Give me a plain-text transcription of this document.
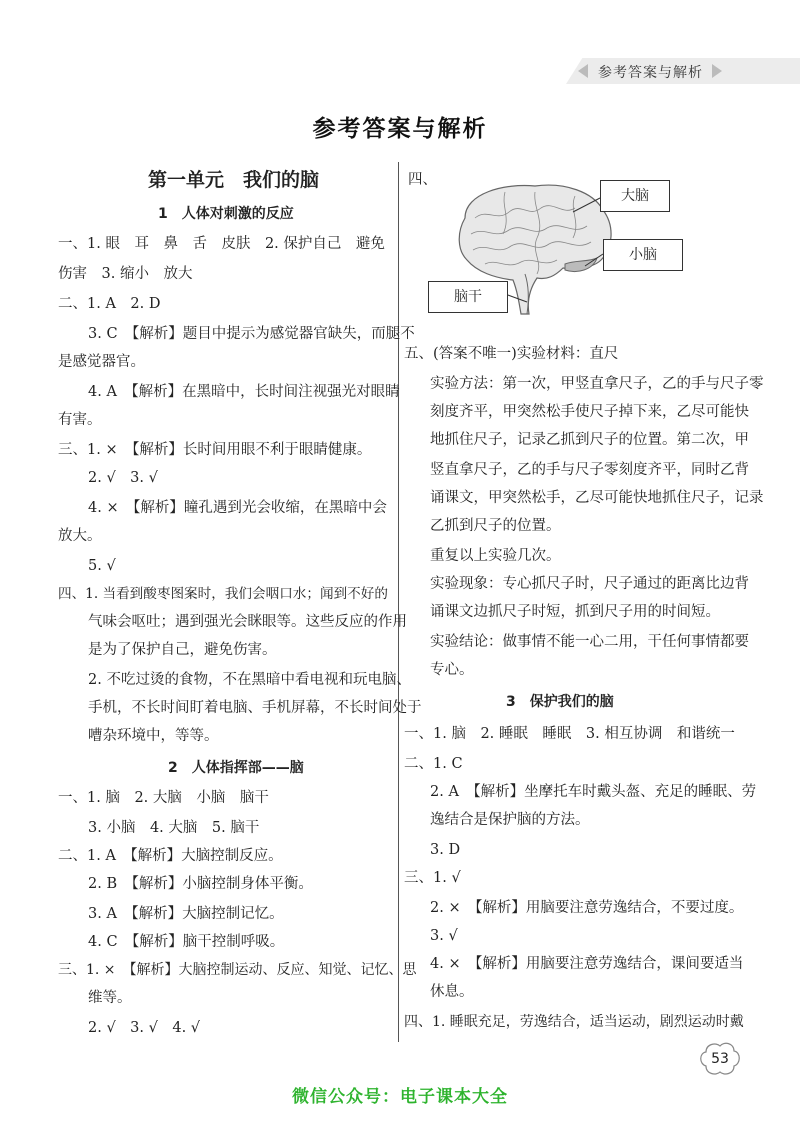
参考答案与解析
参考答案与解析
第一单元　我们的脑
1　人体对刺激的反应
一、1. 眼　耳　鼻　舌　皮肤　2. 保护自己　避免
伤害　3. 缩小　放大
二、1. A　2. D
3. C　【解析】题目中提示为感觉器官缺失，而腿不
是感觉器官。
4. A　【解析】在黑暗中，长时间注视强光对眼睛
有害。
三、1. ×　【解析】长时间用眼不利于眼睛健康。
2. √　3. √
4. ×　【解析】瞳孔遇到光会收缩，在黑暗中会
放大。
5. √
四、1. 当看到酸枣图案时，我们会咽口水；闻到不好的
气味会呕吐；遇到强光会眯眼等。这些反应的作用
是为了保护自己，避免伤害。
2. 不吃过烫的食物，不在黑暗中看电视和玩电脑、
手机，不长时间盯着电脑、手机屏幕，不长时间处于
嘈杂环境中，等等。
2　人体指挥部——脑
一、1. 脑　2. 大脑　小脑　脑干
3. 小脑　4. 大脑　5. 脑干
二、1. A　【解析】大脑控制反应。
2. B　【解析】小脑控制身体平衡。
3. A　【解析】大脑控制记忆。
4. C　【解析】脑干控制呼吸。
三、1. ×　【解析】大脑控制运动、反应、知觉、记忆、思
维等。
2. √　3. √　4. √
四、
大脑
小脑
脑干
五、(答案不唯一)实验材料：直尺
实验方法：第一次，甲竖直拿尺子，乙的手与尺子零
刻度齐平，甲突然松手使尺子掉下来，乙尽可能快
地抓住尺子，记录乙抓到尺子的位置。第二次，甲
竖直拿尺子，乙的手与尺子零刻度齐平，同时乙背
诵课文，甲突然松手，乙尽可能快地抓住尺子，记录
乙抓到尺子的位置。
重复以上实验几次。
实验现象：专心抓尺子时，尺子通过的距离比边背
诵课文边抓尺子时短，抓到尺子用的时间短。
实验结论：做事情不能一心二用，干任何事情都要
专心。
3　保护我们的脑
一、1. 脑　2. 睡眠　睡眠　3. 相互协调　和谐统一
二、1. C
2. A　【解析】坐摩托车时戴头盔、充足的睡眠、劳
逸结合是保护脑的方法。
3. D
三、1. √
2. ×　【解析】用脑要注意劳逸结合，不要过度。
3. √
4. ×　【解析】用脑要注意劳逸结合，课间要适当
休息。
四、1. 睡眠充足，劳逸结合，适当运动，剧烈运动时戴
53
微信公众号：电子课本大全
